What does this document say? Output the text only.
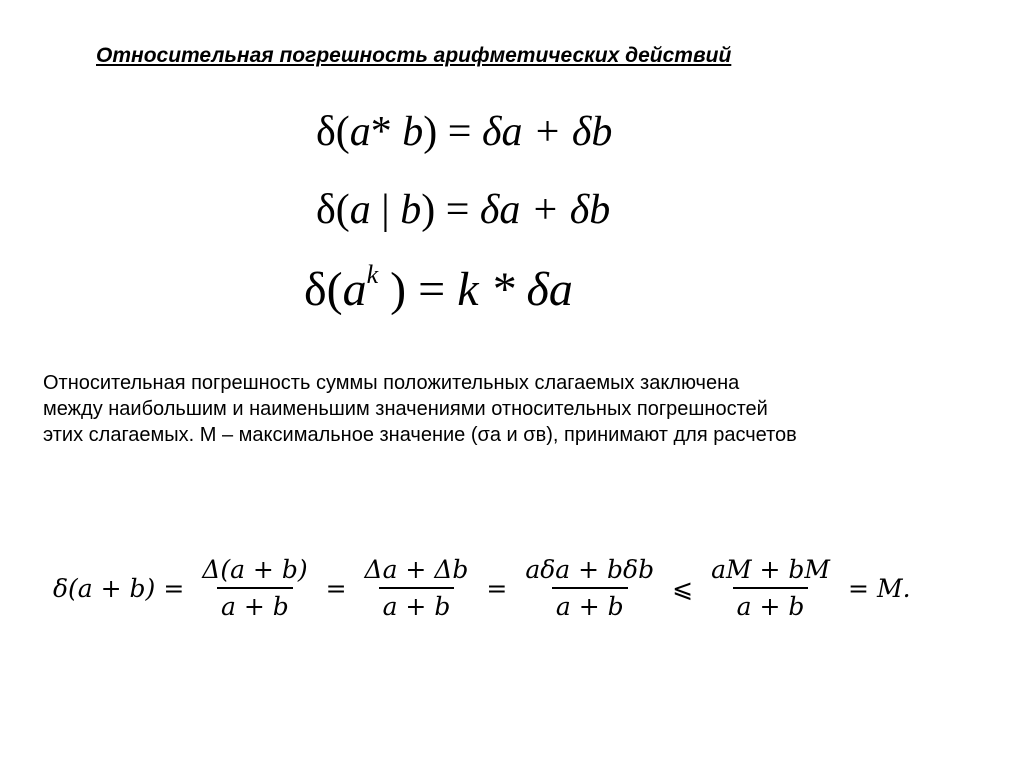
Относительная погрешность арифметических действий
δ(a* b) = δa + δb
δ(a | b) = δa + δb
$\delta(a^k$ ) = k * δa
Относительная погрешность суммы положительных слагаемых заключена
между наибольшим и наименьшим значениями относительных погрешностей
этих слагаемых. М – максимальное значение (σа и σв), принимают для расчетов
$\delta(a + b) = \frac{\Delta(a + b)}{a + b} = \frac{\Delta a + \Delta b}{a + b} = \frac{\text{aδa + bδb}}{a + b}$ ⩽ $\frac{aM + bM}{a + b} = M$.
